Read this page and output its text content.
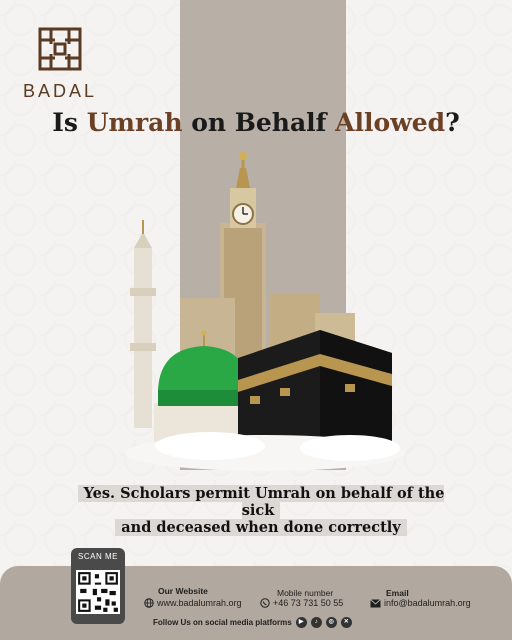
BADAL
Is Umrah on Behalf Allowed?
Yes. Scholars permit Umrah on behalf of the sick
and deceased when done correctly
SCAN ME
Our Website
www.badalumrah.org
Mobile number
+46 73 731 50 55
Email
info@badalumrah.org
Follow Us on social media platforms	▶	♪	◎	✕
